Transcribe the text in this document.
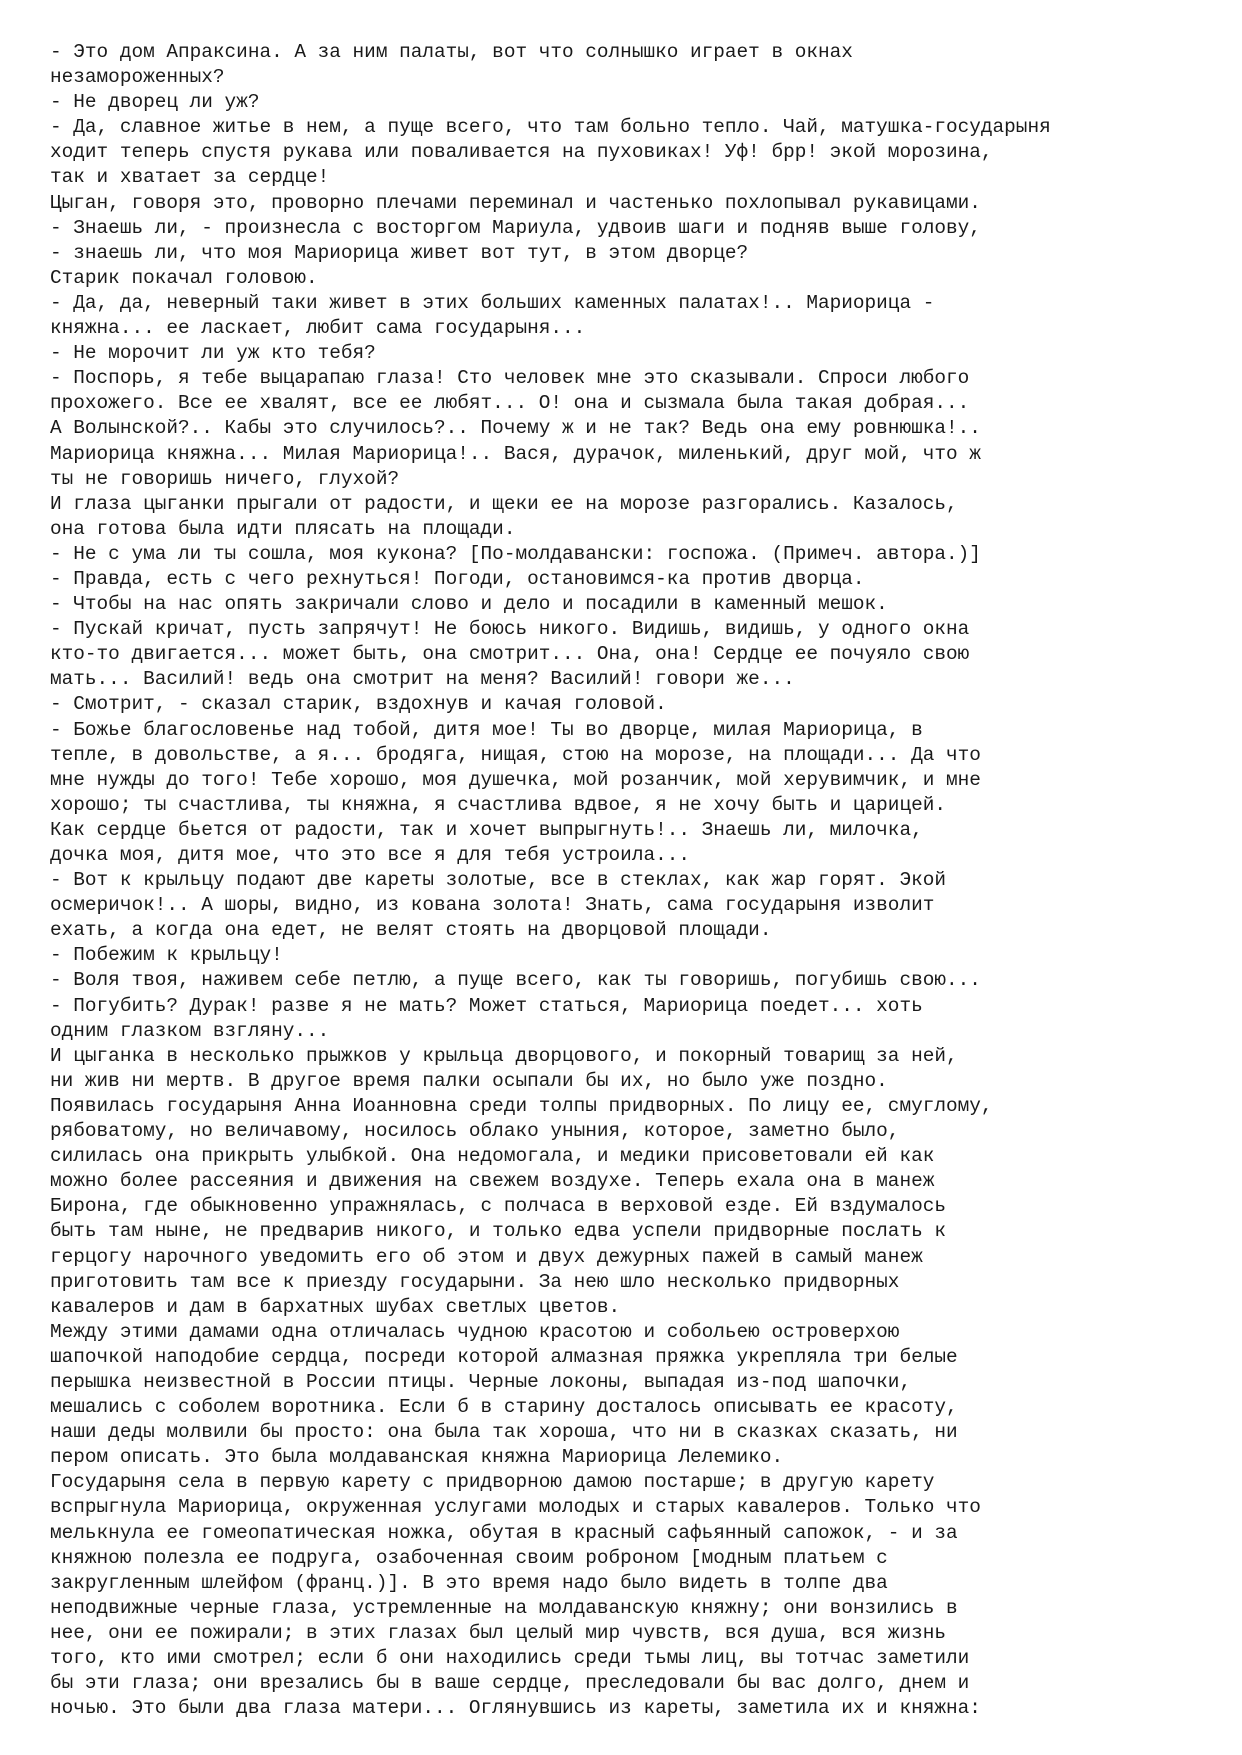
- Это дом Апраксина. А за ним палаты, вот что солнышко играет в окнах

незамороженных?

- Не дворец ли уж?

- Да, славное житье в нем, а пуще всего, что там больно тепло. Чай, матушка-государыня

ходит теперь спустя рукава или поваливается на пуховиках! Уф! брр! экой морозина,

так и хватает за сердце!

Цыган, говоря это, проворно плечами переминал и частенько похлопывал рукавицами.

- Знаешь ли, - произнесла с восторгом Мариула, удвоив шаги и подняв выше голову,

- знаешь ли, что моя Мариорица живет вот тут, в этом дворце?

Старик покачал головою.

- Да, да, неверный таки живет в этих больших каменных палатах!.. Мариорица -

княжна... ее ласкает, любит сама государыня...

- Не морочит ли уж кто тебя?

- Поспорь, я тебе выцарапаю глаза! Сто человек мне это сказывали. Спроси любого

прохожего. Все ее хвалят, все ее любят... О! она и сызмала была такая добрая...

А Волынской?.. Кабы это случилось?.. Почему ж и не так? Ведь она ему ровнюшка!..

Мариорица княжна... Милая Мариорица!.. Вася, дурачок, миленький, друг мой, что ж

ты не говоришь ничего, глухой?

И глаза цыганки прыгали от радости, и щеки ее на морозе разгорались. Казалось,

она готова была идти плясать на площади.

- Не с ума ли ты сошла, моя кукона? [По-молдавански: госпожа. (Примеч. автора.)]

- Правда, есть с чего рехнуться! Погоди, остановимся-ка против дворца.

- Чтобы на нас опять закричали слово и дело и посадили в каменный мешок.

- Пускай кричат, пусть запрячут! Не боюсь никого. Видишь, видишь, у одного окна

кто-то двигается... может быть, она смотрит... Она, она! Сердце ее почуяло свою

мать... Василий! ведь она смотрит на меня? Василий! говори же...

- Смотрит, - сказал старик, вздохнув и качая головой.

- Божье благословенье над тобой, дитя мое! Ты во дворце, милая Мариорица, в

тепле, в довольстве, а я... бродяга, нищая, стою на морозе, на площади... Да что

мне нужды до того! Тебе хорошо, моя душечка, мой розанчик, мой херувимчик, и мне

хорошо; ты счастлива, ты княжна, я счастлива вдвое, я не хочу быть и царицей.

Как сердце бьется от радости, так и хочет выпрыгнуть!.. Знаешь ли, милочка,

дочка моя, дитя мое, что это все я для тебя устроила...

- Вот к крыльцу подают две кареты золотые, все в стеклах, как жар горят. Экой

осмеричок!.. А шоры, видно, из кована золота! Знать, сама государыня изволит

ехать, а когда она едет, не велят стоять на дворцовой площади.

- Побежим к крыльцу!

- Воля твоя, наживем себе петлю, а пуще всего, как ты говоришь, погубишь свою...

- Погубить? Дурак! разве я не мать? Может статься, Мариорица поедет... хоть

одним глазком взгляну...

И цыганка в несколько прыжков у крыльца дворцового, и покорный товарищ за ней,

ни жив ни мертв. В другое время палки осыпали бы их, но было уже поздно.

Появилась государыня Анна Иоанновна среди толпы придворных. По лицу ее, смуглому,

рябоватому, но величавому, носилось облако уныния, которое, заметно было,

силилась она прикрыть улыбкой. Она недомогала, и медики присоветовали ей как

можно более рассеяния и движения на свежем воздухе. Теперь ехала она в манеж

Бирона, где обыкновенно упражнялась, с полчаса в верховой езде. Ей вздумалось

быть там ныне, не предварив никого, и только едва успели придворные послать к

герцогу нарочного уведомить его об этом и двух дежурных пажей в самый манеж

приготовить там все к приезду государыни. За нею шло несколько придворных

кавалеров и дам в бархатных шубах светлых цветов.

Между этими дамами одна отличалась чудною красотою и собольею островерхою

шапочкой наподобие сердца, посреди которой алмазная пряжка укрепляла три белые

перышка неизвестной в России птицы. Черные локоны, выпадая из-под шапочки,

мешались с соболем воротника. Если б в старину досталось описывать ее красоту,

наши деды молвили бы просто: она была так хороша, что ни в сказках сказать, ни

пером описать. Это была молдаванская княжна Мариорица Лелемико.

Государыня села в первую карету с придворною дамою постарше; в другую карету

вспрыгнула Мариорица, окруженная услугами молодых и старых кавалеров. Только что

мелькнула ее гомеопатическая ножка, обутая в красный сафьянный сапожок, - и за

княжною полезла ее подруга, озабоченная своим роброном [модным платьем с

закругленным шлейфом (франц.)]. В это время надо было видеть в толпе два

неподвижные черные глаза, устремленные на молдаванскую княжну; они вонзились в

нее, они ее пожирали; в этих глазах был целый мир чувств, вся душа, вся жизнь

того, кто ими смотрел; если б они находились среди тьмы лиц, вы тотчас заметили

бы эти глаза; они врезались бы в ваше сердце, преследовали бы вас долго, днем и

ночью. Это были два глаза матери... Оглянувшись из кареты, заметила их и княжна:
